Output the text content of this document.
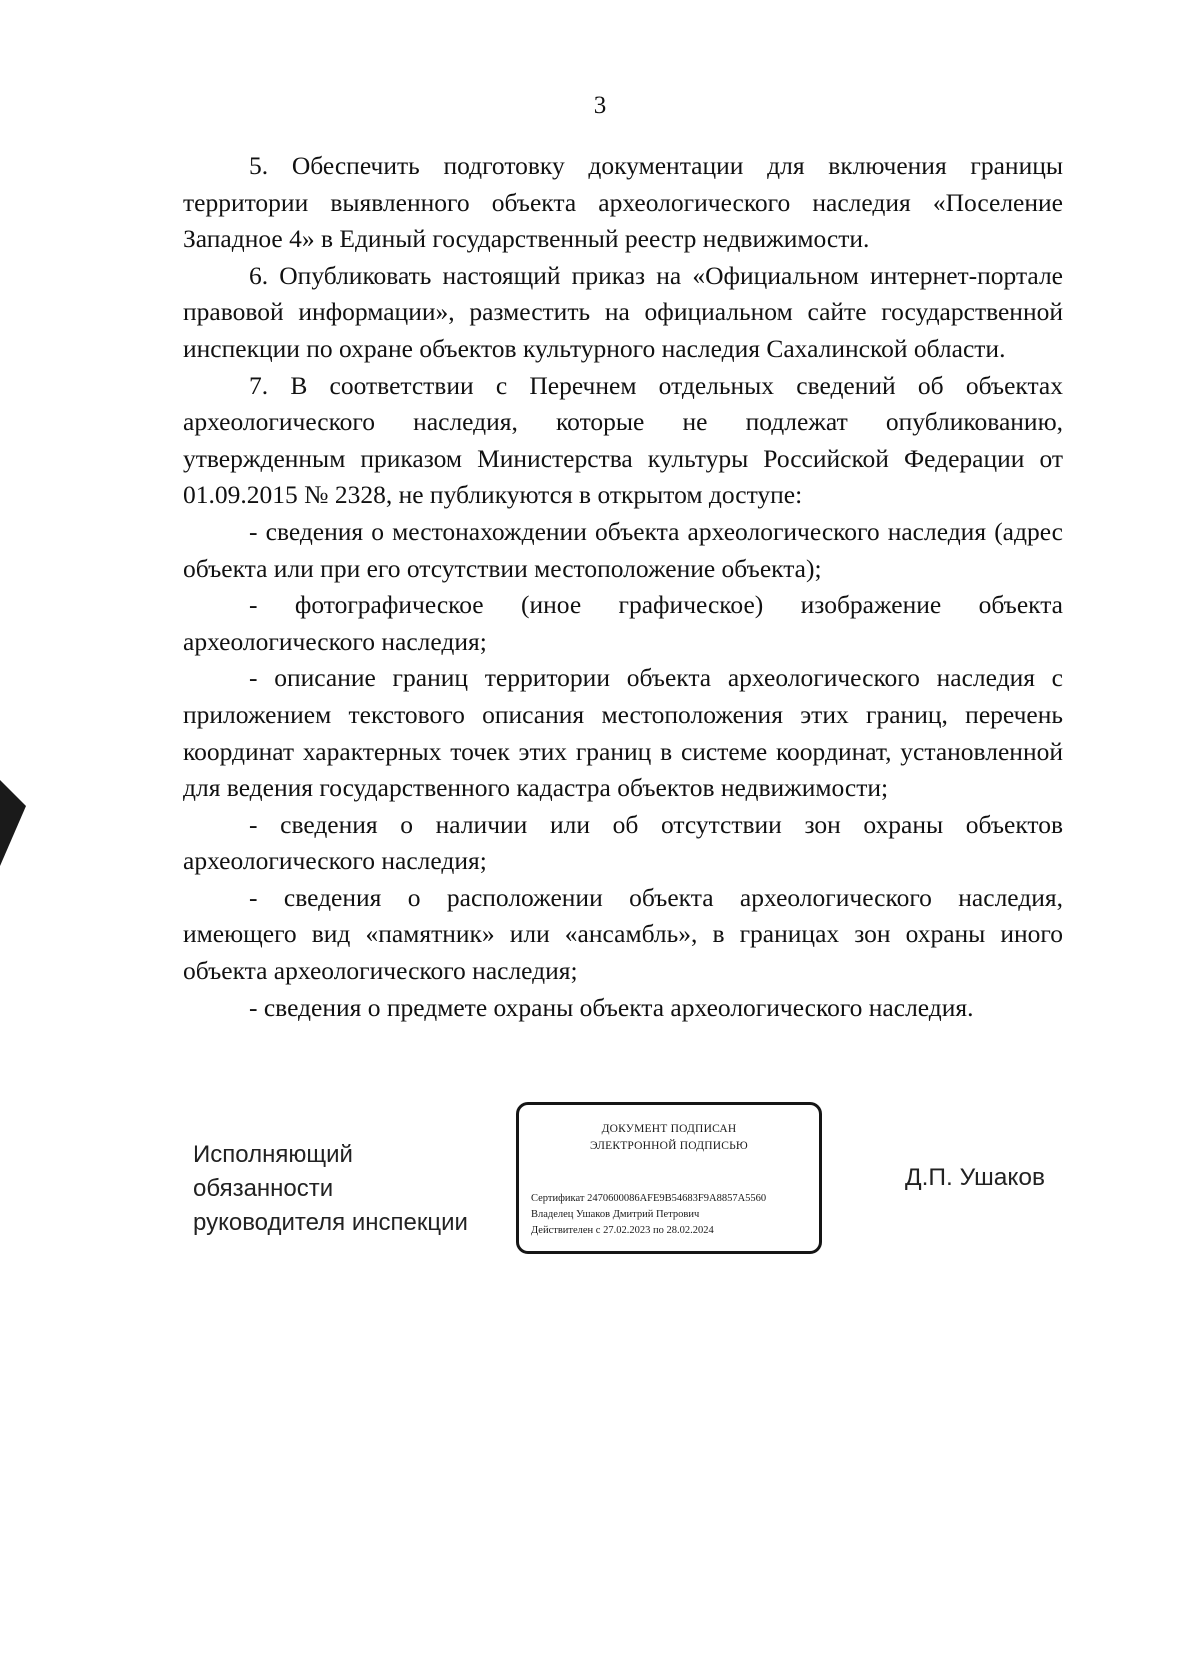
3

5. Обеспечить подготовку документации для включения границы территории выявленного объекта археологического наследия «Поселение Западное 4» в Единый государственный реестр недвижимости.

6. Опубликовать настоящий приказ на «Официальном интернет-портале правовой информации», разместить на официальном сайте государственной инспекции по охране объектов культурного наследия Сахалинской области.

7. В соответствии с Перечнем отдельных сведений об объектах археологического наследия, которые не подлежат опубликованию, утвержденным приказом Министерства культуры Российской Федерации от 01.09.2015 № 2328, не публикуются в открытом доступе:

- сведения о местонахождении объекта археологического наследия (адрес объекта или при его отсутствии местоположение объекта);

- фотографическое (иное графическое) изображение объекта археологического наследия;

- описание границ территории объекта археологического наследия с приложением текстового описания местоположения этих границ, перечень координат характерных точек этих границ в системе координат, установленной для ведения государственного кадастра объектов недвижимости;

- сведения о наличии или об отсутствии зон охраны объектов археологического наследия;

- сведения о расположении объекта археологического наследия, имеющего вид «памятник» или «ансамбль», в границах зон охраны иного объекта археологического наследия;

- сведения о предмете охраны объекта археологического наследия.

Исполняющий
обязанности
руководителя инспекции
ДОКУМЕНТ ПОДПИСАН
ЭЛЕКТРОННОЙ ПОДПИСЬЮ
Сертификат 2470600086AFE9B54683F9A8857A5560
Владелец Ушаков Дмитрий Петрович
Действителен с 27.02.2023 по 28.02.2024
Д.П. Ушаков
